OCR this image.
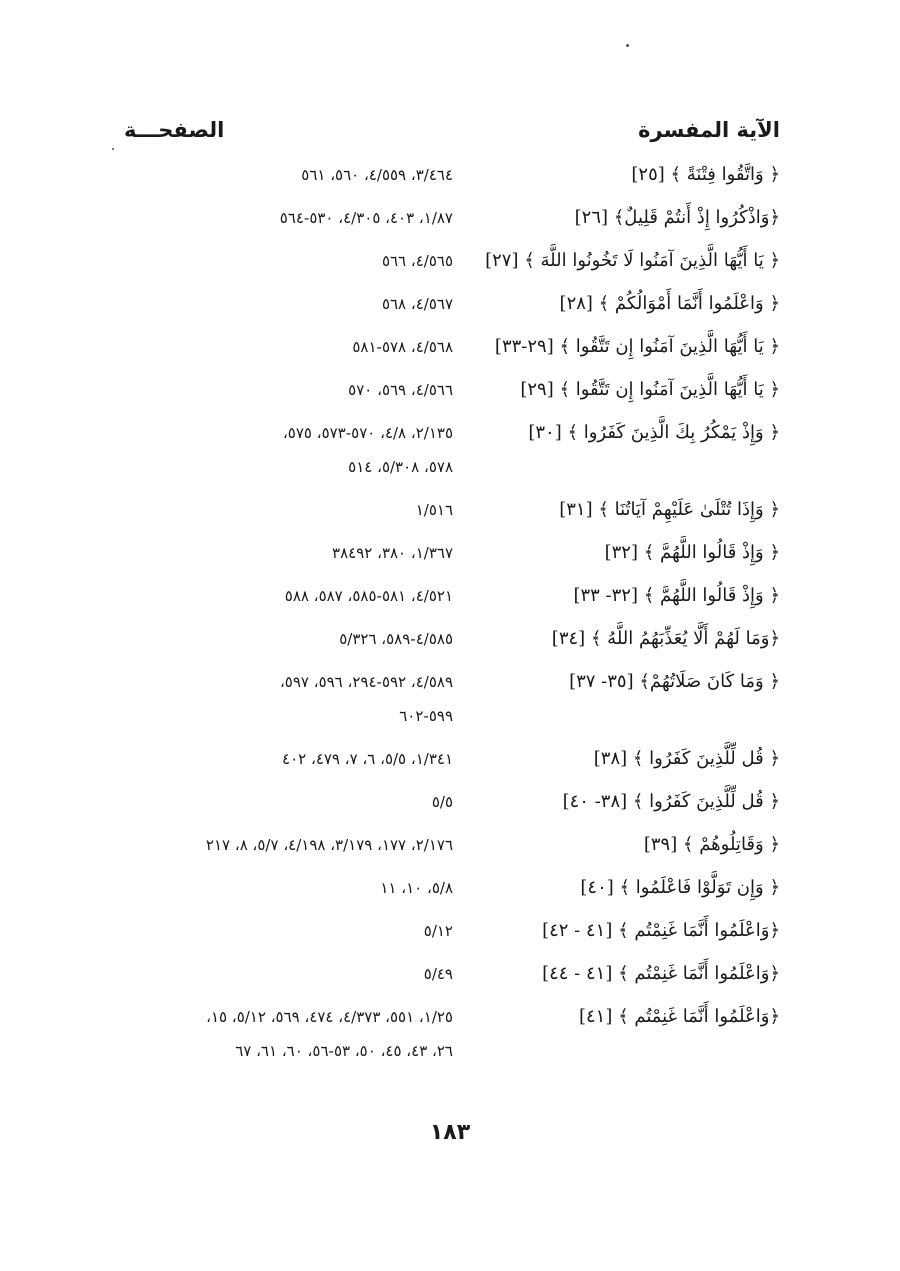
الآية المفسرة
الصفحـــة
﴿ وَاتَّقُوا فِتْنَةً ﴾ [٢٥]
٣/٤٦٤، ٤/٥٥٩، ٥٦٠، ٥٦١
﴿وَاذْكُرُوا إِذْ أَنتُمْ قَلِيلٌ﴾ [٢٦]
١/٨٧، ٤٠٣، ٤/٣٠٥، ٥٣٠-٥٦٤
﴿ يَا أَيُّهَا الَّذِينَ آمَنُوا لَا تَخُونُوا اللَّهَ ﴾ [٢٧]
٤/٥٦٥، ٥٦٦
﴿ وَاعْلَمُوا أَنَّمَا أَمْوَالُكُمْ ﴾ [٢٨]
٤/٥٦٧، ٥٦٨
﴿ يَا أَيُّهَا الَّذِينَ آمَنُوا إِن تَتَّقُوا ﴾ [٢٩-٣٣]
٤/٥٦٨، ٥٧٨-٥٨١
﴿ يَا أَيُّهَا الَّذِينَ آمَنُوا إِن تَتَّقُوا ﴾ [٢٩]
٤/٥٦٦، ٥٦٩، ٥٧٠
﴿ وَإِذْ يَمْكُرُ بِكَ الَّذِينَ كَفَرُوا ﴾ [٣٠]
٢/١٣٥، ٤/٨، ٥٧٠-٥٧٣، ٥٧٥،
٥٧٨، ٥/٣٠٨، ٥١٤
﴿ وَإِذَا تُتْلَىٰ عَلَيْهِمْ آيَاتُنَا ﴾ [٣١]
١/٥١٦
﴿ وَإِذْ قَالُوا اللَّهُمَّ ﴾ [٣٢]
١/٣٦٧، ٣٨٠، ٣٨٤٩٢
﴿ وَإِذْ قَالُوا اللَّهُمَّ ﴾ [٣٢- ٣٣]
٤/٥٢١، ٥٨١-٥٨٥، ٥٨٧، ٥٨٨
﴿وَمَا لَهُمْ أَلَّا يُعَذِّبَهُمُ اللَّهُ ﴾ [٣٤]
٤/٥٨٥-٥٨٩، ٥/٣٢٦
﴿ وَمَا كَانَ صَلَاتُهُمْ﴾ [٣٥- ٣٧]
٤/٥٨٩، ٥٩٢-٢٩٤، ٥٩٦، ٥٩٧،
٥٩٩-٦٠٢
﴿ قُل لِّلَّذِينَ كَفَرُوا ﴾ [٣٨]
١/٣٤١، ٥/٥، ٦، ٧، ٤٧٩، ٤٠٢
﴿ قُل لِّلَّذِينَ كَفَرُوا ﴾ [٣٨- ٤٠]
٥/٥
﴿ وَقَاتِلُوهُمْ ﴾ [٣٩]
٢/١٧٦، ١٧٧، ٣/١٧٩، ٤/١٩٨، ٥/٧، ٨، ٢١٧
﴿ وَإِن تَوَلَّوْا فَاعْلَمُوا ﴾ [٤٠]
٥/٨، ١٠، ١١
﴿وَاعْلَمُوا أَنَّمَا غَنِمْتُم ﴾ [٤١ - ٤٢]
٥/١٢
﴿وَاعْلَمُوا أَنَّمَا غَنِمْتُم ﴾ [٤١ - ٤٤]
٥/٤٩
﴿وَاعْلَمُوا أَنَّمَا غَنِمْتُم ﴾ [٤١]
١/٢٥، ٥٥١، ٤/٣٧٣، ٤٧٤، ٥٦٩، ٥/١٢، ١٥،
٢٦، ٤٣، ٤٥، ٥٠، ٥٣-٥٦، ٦٠، ٦١، ٦٧
١٨٣
